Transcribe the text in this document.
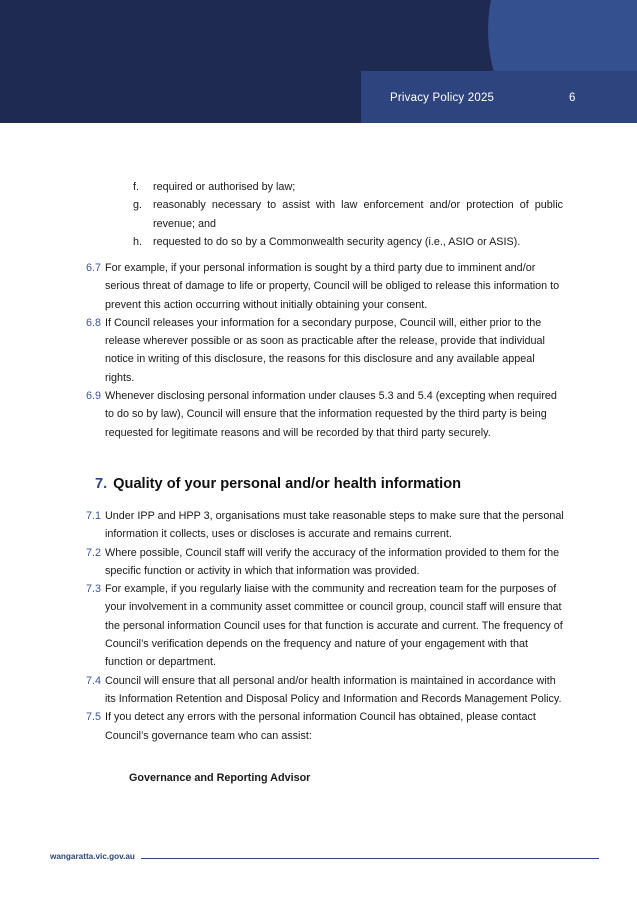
Privacy Policy 2025	6
f. required or authorised by law;
g. reasonably necessary to assist with law enforcement and/or protection of public revenue; and
h. requested to do so by a Commonwealth security agency (i.e., ASIO or ASIS).
6.7 For example, if your personal information is sought by a third party due to imminent and/or serious threat of damage to life or property, Council will be obliged to release this information to prevent this action occurring without initially obtaining your consent.
6.8 If Council releases your information for a secondary purpose, Council will, either prior to the release wherever possible or as soon as practicable after the release, provide that individual notice in writing of this disclosure, the reasons for this disclosure and any available appeal rights.
6.9 Whenever disclosing personal information under clauses 5.3 and 5.4 (excepting when required to do so by law), Council will ensure that the information requested by the third party is being requested for legitimate reasons and will be recorded by that third party securely.
7. Quality of your personal and/or health information
7.1 Under IPP and HPP 3, organisations must take reasonable steps to make sure that the personal information it collects, uses or discloses is accurate and remains current.
7.2 Where possible, Council staff will verify the accuracy of the information provided to them for the specific function or activity in which that information was provided.
7.3 For example, if you regularly liaise with the community and recreation team for the purposes of your involvement in a community asset committee or council group, council staff will ensure that the personal information Council uses for that function is accurate and current. The frequency of Council’s verification depends on the frequency and nature of your engagement with that function or department.
7.4 Council will ensure that all personal and/or health information is maintained in accordance with its Information Retention and Disposal Policy and Information and Records Management Policy.
7.5 If you detect any errors with the personal information Council has obtained, please contact Council’s governance team who can assist:
Governance and Reporting Advisor
wangaratta.vic.gov.au
